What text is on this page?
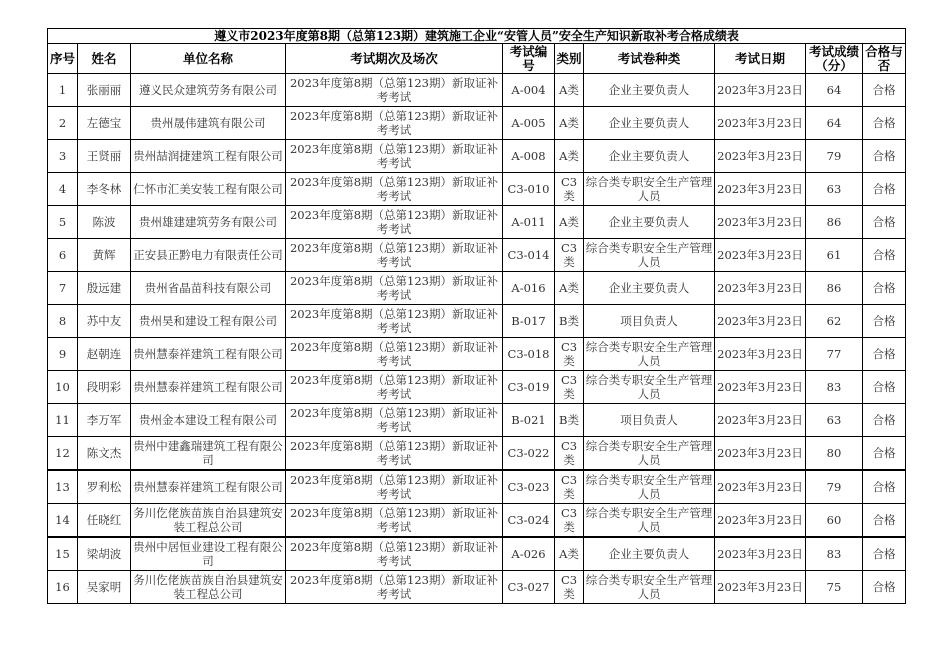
遵义市2023年度第8期（总第123期）建筑施工企业“安管人员”安全生产知识新取补考合格成绩表									
序号	姓名	单位名称	考试期次及场次	考试编号	类别	考试卷种类	考试日期	考试成绩（分）	合格与否
1	张丽丽	遵义民众建筑劳务有限公司	2023年度第8期（总第123期）新取证补考考试	A-004	A类	企业主要负责人	2023年3月23日	64	合格
2	左德宝	贵州晟伟建筑有限公司	2023年度第8期（总第123期）新取证补考考试	A-005	A类	企业主要负责人	2023年3月23日	64	合格
3	王贤丽	贵州喆润捷建筑工程有限公司	2023年度第8期（总第123期）新取证补考考试	A-008	A类	企业主要负责人	2023年3月23日	79	合格
4	李冬林	仁怀市汇美安装工程有限公司	2023年度第8期（总第123期）新取证补考考试	C3-010	C3类	综合类专职安全生产管理人员	2023年3月23日	63	合格
5	陈波	贵州雄建建筑劳务有限公司	2023年度第8期（总第123期）新取证补考考试	A-011	A类	企业主要负责人	2023年3月23日	86	合格
6	黄辉	正安县正黔电力有限责任公司	2023年度第8期（总第123期）新取证补考考试	C3-014	C3类	综合类专职安全生产管理人员	2023年3月23日	61	合格
7	殷远建	贵州省晶苗科技有限公司	2023年度第8期（总第123期）新取证补考考试	A-016	A类	企业主要负责人	2023年3月23日	86	合格
8	苏中友	贵州昊和建设工程有限公司	2023年度第8期（总第123期）新取证补考考试	B-017	B类	项目负责人	2023年3月23日	62	合格
9	赵朝连	贵州慧泰祥建筑工程有限公司	2023年度第8期（总第123期）新取证补考考试	C3-018	C3类	综合类专职安全生产管理人员	2023年3月23日	77	合格
10	段明彩	贵州慧泰祥建筑工程有限公司	2023年度第8期（总第123期）新取证补考考试	C3-019	C3类	综合类专职安全生产管理人员	2023年3月23日	83	合格
11	李万军	贵州金本建设工程有限公司	2023年度第8期（总第123期）新取证补考考试	B-021	B类	项目负责人	2023年3月23日	63	合格
12	陈文杰	贵州中建鑫瑞建筑工程有限公司	2023年度第8期（总第123期）新取证补考考试	C3-022	C3类	综合类专职安全生产管理人员	2023年3月23日	80	合格
13	罗利松	贵州慧泰祥建筑工程有限公司	2023年度第8期（总第123期）新取证补考考试	C3-023	C3类	综合类专职安全生产管理人员	2023年3月23日	79	合格
14	任晓红	务川仡佬族苗族自治县建筑安装工程总公司	2023年度第8期（总第123期）新取证补考考试	C3-024	C3类	综合类专职安全生产管理人员	2023年3月23日	60	合格
15	梁胡波	贵州中居恒业建设工程有限公司	2023年度第8期（总第123期）新取证补考考试	A-026	A类	企业主要负责人	2023年3月23日	83	合格
16	吴家明	务川仡佬族苗族自治县建筑安装工程总公司	2023年度第8期（总第123期）新取证补考考试	C3-027	C3类	综合类专职安全生产管理人员	2023年3月23日	75	合格
